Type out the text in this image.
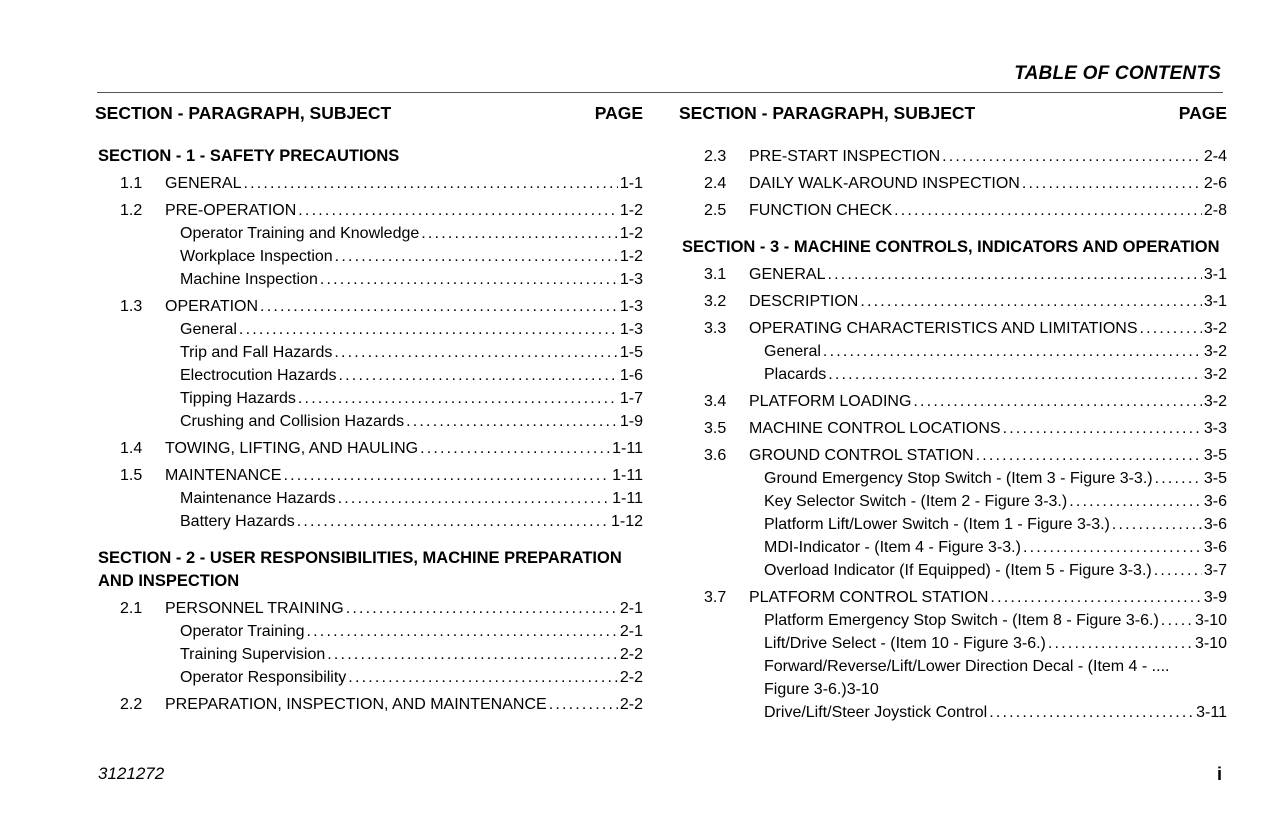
TABLE OF CONTENTS
SECTION - PARAGRAPH, SUBJECT	PAGE
SECTION - 1 - SAFETY PRECAUTIONS
1.1	GENERAL .....	1-1
1.2	PRE-OPERATION .....	1-2
Operator Training and Knowledge .....	1-2
Workplace Inspection .....	1-2
Machine Inspection .....	1-3
1.3	OPERATION .....	1-3
General .....	1-3
Trip and Fall Hazards .....	1-5
Electrocution Hazards .....	1-6
Tipping Hazards .....	1-7
Crushing and Collision Hazards .....	1-9
1.4	TOWING, LIFTING, AND HAULING .....	1-11
1.5	MAINTENANCE .....	1-11
Maintenance Hazards .....	1-11
Battery Hazards .....	1-12
SECTION - 2 - USER RESPONSIBILITIES, MACHINE PREPARATION
AND INSPECTION
2.1	PERSONNEL TRAINING .....	2-1
Operator Training .....	2-1
Training Supervision .....	2-2
Operator Responsibility .....	2-2
2.2	PREPARATION, INSPECTION, AND MAINTENANCE .....	2-2
SECTION - PARAGRAPH, SUBJECT	PAGE
2.3	PRE-START INSPECTION .....	2-4
2.4	DAILY WALK-AROUND INSPECTION .....	2-6
2.5	FUNCTION CHECK .....	2-8
SECTION - 3 - MACHINE CONTROLS, INDICATORS AND OPERATION
3.1	GENERAL .....	3-1
3.2	DESCRIPTION .....	3-1
3.3	OPERATING CHARACTERISTICS AND LIMITATIONS .....	3-2
General .....	3-2
Placards .....	3-2
3.4	PLATFORM LOADING .....	3-2
3.5	MACHINE CONTROL LOCATIONS .....	3-3
3.6	GROUND CONTROL STATION .....	3-5
Ground Emergency Stop Switch - (Item 3 - Figure 3-3.) .....	3-5
Key Selector Switch - (Item 2 - Figure 3-3.) .....	3-6
Platform Lift/Lower Switch - (Item 1 - Figure 3-3.) .....	3-6
MDI-Indicator - (Item 4 - Figure 3-3.) .....	3-6
Overload Indicator (If Equipped) - (Item 5 - Figure 3-3.) .....	3-7
3.7	PLATFORM CONTROL STATION .....	3-9
Platform Emergency Stop Switch - (Item 8 - Figure 3-6.) ..... 3-10
Lift/Drive Select - (Item 10 - Figure 3-6.) .....	3-10
Forward/Reverse/Lift/Lower Direction Decal - (Item 4 - ....
Figure 3-6.)3-10
Drive/Lift/Steer Joystick Control .....	3-11
3121272	i
